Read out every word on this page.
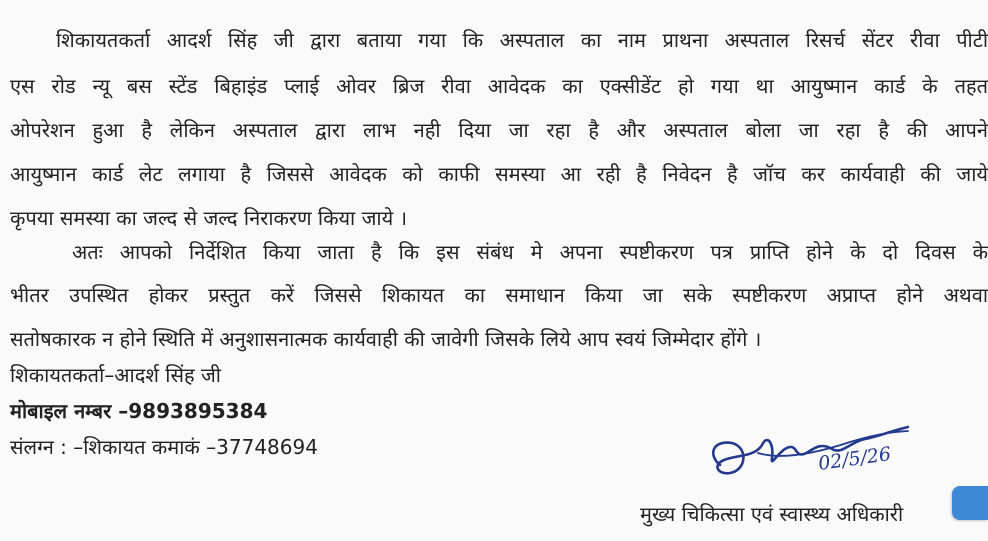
शिकायतकर्ता आदर्श सिंह जी द्वारा बताया गया कि अस्पताल का नाम प्राथना अस्पताल रिसर्च सेंटर रीवा पीटी
एस रोड न्यू बस स्टेंड बिहाइंड प्लाई ओवर ब्रिज रीवा आवेदक का एक्सीडेंट हो गया था आयुष्मान कार्ड के तहत
ओपरेशन हुआ है लेकिन अस्पताल द्वारा लाभ नही दिया जा रहा है और अस्पताल बोला जा रहा है की आपने
आयुष्मान कार्ड लेट लगाया है जिससे आवेदक को काफी समस्या आ रही है निवेदन है जॉच कर कार्यवाही की जाये
कृपया समस्या का जल्द से जल्द निराकरण किया जाये ।
अतः आपको निर्देशित किया जाता है कि इस संबंध मे अपना स्पष्टीकरण पत्र प्राप्ति होने के दो दिवस के
भीतर उपस्थित होकर प्रस्तुत करें जिससे शिकायत का समाधान किया जा सके स्पष्टीकरण अप्राप्त होने अथवा
सतोषकारक न होने स्थिति में अनुशासनात्मक कार्यवाही की जावेगी जिसके लिये आप स्वयं जिम्मेदार होंगे ।
शिकायतकर्ता–आदर्श सिंह जी
मोबाइल नम्बर –9893895384
संलग्न : –शिकायत कमाकं –37748694	02/5/26
मुख्य चिकित्सा एवं स्वास्थ्य अधिकारी
